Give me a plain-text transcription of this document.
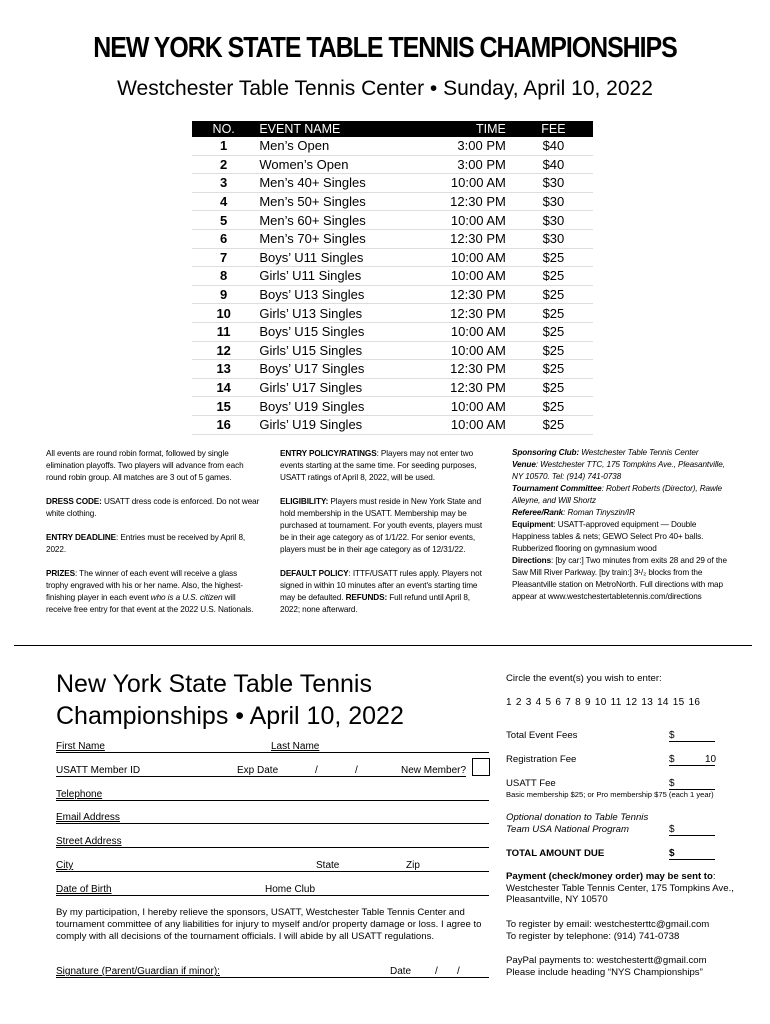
NEW YORK STATE TABLE TENNIS CHAMPIONSHIPS
Westchester Table Tennis Center • Sunday, April 10, 2022
NO.	EVENT NAME	TIME	FEE
1	Men’s Open	3:00 PM	$40
2	Women’s Open	3:00 PM	$40
3	Men’s 40+ Singles	10:00 AM	$30
4	Men’s 50+ Singles	12:30 PM	$30
5	Men’s 60+ Singles	10:00 AM	$30
6	Men’s 70+ Singles	12:30 PM	$30
7	Boys’ U11 Singles	10:00 AM	$25
8	Girls’ U11 Singles	10:00 AM	$25
9	Boys’ U13 Singles	12:30 PM	$25
10	Girls’ U13 Singles	12:30 PM	$25
11	Boys’ U15 Singles	10:00 AM	$25
12	Girls’ U15 Singles	10:00 AM	$25
13	Boys’ U17 Singles	12:30 PM	$25
14	Girls’ U17 Singles	12:30 PM	$25
15	Boys’ U19 Singles	10:00 AM	$25
16	Girls’ U19 Singles	10:00 AM	$25

All events are round robin format, followed by single elimination playoffs. Two players will advance from each round robin group. All matches are 3 out of 5 games.

DRESS CODE: USATT dress code is enforced. Do not wear white clothing.

ENTRY DEADLINE: Entries must be received by April 8, 2022.

PRIZES: The winner of each event will receive a glass trophy engraved with his or her name. Also, the highest-finishing player in each event who is a U.S. citizen will receive free entry for that event at the 2022 U.S. Nationals.

ENTRY POLICY/RATINGS: Players may not enter two events starting at the same time. For seeding purposes, USATT ratings of April 8, 2022, will be used.

ELIGIBILITY: Players must reside in New York State and hold membership in the USATT. Membership may be purchased at tournament. For youth events, players must be in their age category as of 1/1/22. For senior events, players must be in their age category as of 12/31/22.

DEFAULT POLICY: ITTF/USATT rules apply. Players not signed in within 10 minutes after an event's starting time may be defaulted. REFUNDS: Full refund until April 8, 2022; none afterward.

Sponsoring Club: Westchester Table Tennis Center

Venue: Westchester TTC, 175 Tompkins Ave., Pleasantville, NY 10570. Tel: (914) 741-0738

Tournament Committee: Robert Roberts (Director), Rawle Alleyne, and Will Shortz

Referee/Rank: Roman Tinyszin/IR

Equipment: USATT-approved equipment — Double Happiness tables & nets; GEWO Select Pro 40+ balls. Rubberized flooring on gymnasium wood

Directions: [by car:] Two minutes from exits 28 and 29 of the Saw Mill River Parkway. [by train:] 3¹/₂ blocks from the Pleasantville station on MetroNorth. Full directions with map appear at www.westchestertabletennis.com/directions

New York State Table Tennis
Championships • April 10, 2022
First Name	Last Name
USATT Member ID	Exp Date	/	/	New Member?
Telephone
Email Address
Street Address
City	State	Zip
Date of Birth	Home Club
By my participation, I hereby relieve the sponsors, USATT, Westchester Table Tennis Center and tournament committee of any liabilities for injury to myself and/or property damage or loss. I agree to comply with all decisions of the tournament officials. I will abide by all USATT regulations.
Signature (Parent/Guardian if minor):	Date / /
Circle the event(s) you wish to enter:
1 2 3 4 5 6 7 8 9 10 11 12 13 14 15 16
Total Event Fees	$
Registration Fee	$	10
USATT Fee	$
Basic membership $25; or Pro membership $75 (each 1 year)
Optional donation to Table Tennis
Team USA National Program	$
TOTAL AMOUNT DUE	$
Payment (check/money order) may be sent to: Westchester Table Tennis Center, 175 Tompkins Ave., Pleasantville, NY 10570
To register by email: westchesterttc@gmail.com
To register by telephone: (914) 741-0738
PayPal payments to: westchestertt@gmail.com
Please include heading “NYS Championships”
